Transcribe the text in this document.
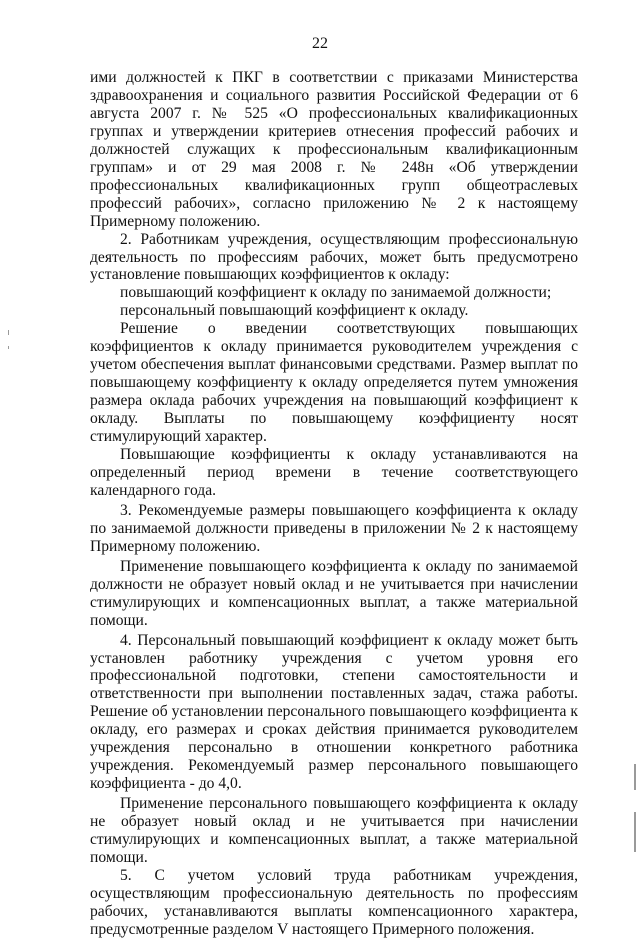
22

ими должностей к ПКГ в соответствии с приказами Министерства здравоохранения и социального развития Российской Федерации от 6 августа 2007 г. № 525 «О профессиональных квалификационных группах и утверждении критериев отнесения профессий рабочих и должностей служащих к профессиональным квалификационным группам» и от 29 мая 2008 г. № 248н «Об утверждении профессиональных квалификационных групп общеотраслевых профессий рабочих», согласно приложению № 2 к настоящему Примерному положению.

2. Работникам учреждения, осуществляющим профессиональную деятельность по профессиям рабочих, может быть предусмотрено установление повышающих коэффициентов к окладу:

повышающий коэффициент к окладу по занимаемой должности;

персональный повышающий коэффициент к окладу.

Решение о введении соответствующих повышающих коэффициентов к окладу принимается руководителем учреждения с учетом обеспечения выплат финансовыми средствами. Размер выплат по повышающему коэффициенту к окладу определяется путем умножения размера оклада рабочих учреждения на повышающий коэффициент к окладу. Выплаты по повышающему коэффициенту носят стимулирующий характер.

Повышающие коэффициенты к окладу устанавливаются на определенный период времени в течение соответствующего календарного года.

3. Рекомендуемые размеры повышающего коэффициента к окладу по занимаемой должности приведены в приложении № 2 к настоящему Примерному положению.

Применение повышающего коэффициента к окладу по занимаемой должности не образует новый оклад и не учитывается при начислении стимулирующих и компенсационных выплат, а также материальной помощи.

4. Персональный повышающий коэффициент к окладу может быть установлен работнику учреждения с учетом уровня его профессиональной подготовки, степени самостоятельности и ответственности при выполнении поставленных задач, стажа работы. Решение об установлении персонального повышающего коэффициента к окладу, его размерах и сроках действия принимается руководителем учреждения персонально в отношении конкретного работника учреждения. Рекомендуемый размер персонального повышающего коэффициента - до 4,0.

Применение персонального повышающего коэффициента к окладу не образует новый оклад и не учитывается при начислении стимулирующих и компенсационных выплат, а также материальной помощи.

5. С учетом условий труда работникам учреждения, осуществляющим профессиональную деятельность по профессиям рабочих, устанавливаются выплаты компенсационного характера, предусмотренные разделом V настоящего Примерного положения.
